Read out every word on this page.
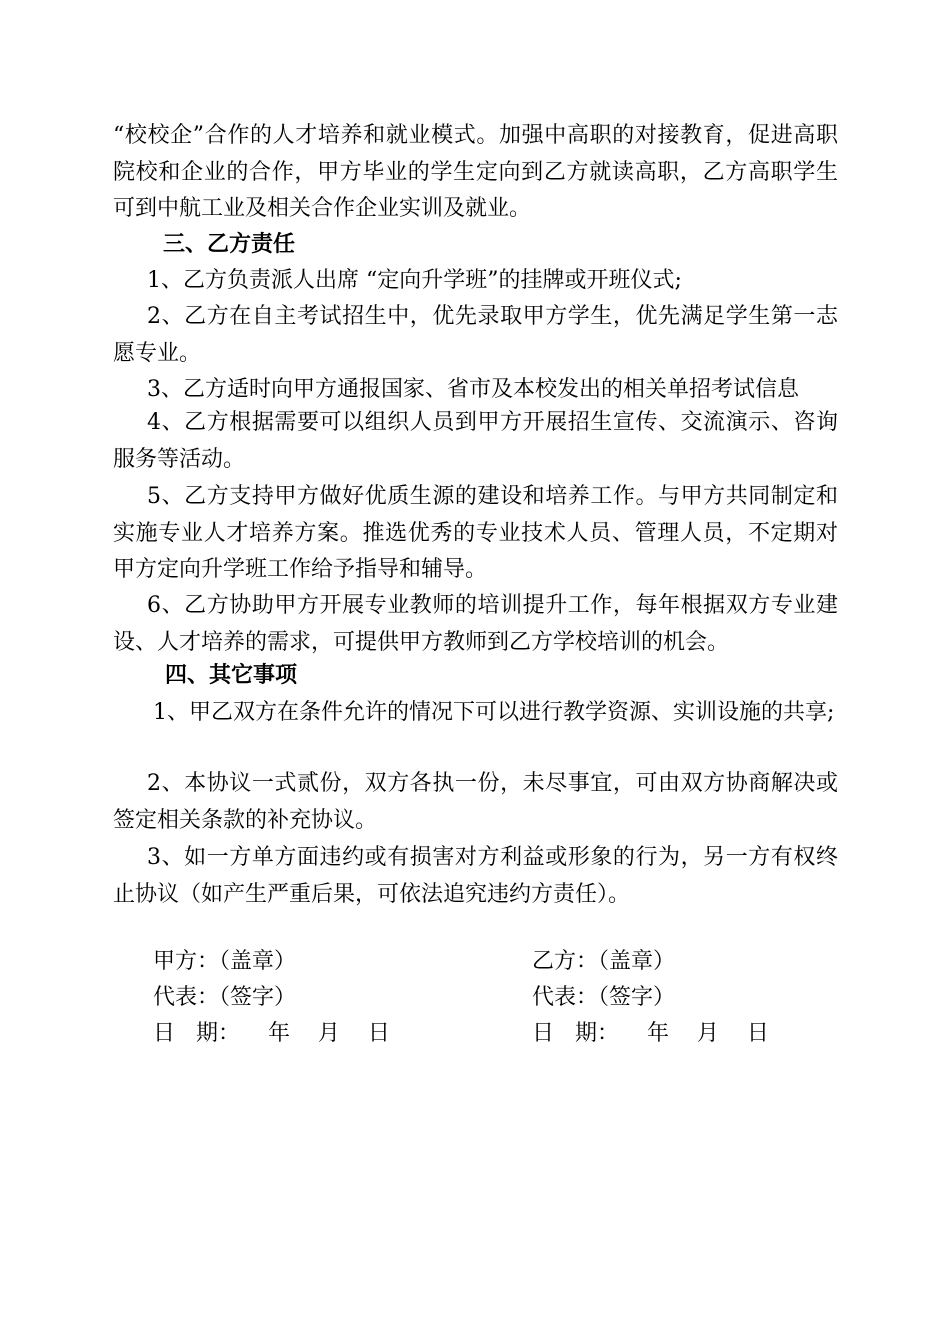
“校校企”合作的人才培养和就业模式。加强中高职的对接教育，促进高职院校和企业的合作，甲方毕业的学生定向到乙方就读高职，乙方高职学生可到中航工业及相关合作企业实训及就业。

三、乙方责任

1、乙方负责派人出席 “定向升学班”的挂牌或开班仪式;

2、乙方在自主考试招生中，优先录取甲方学生，优先满足学生第一志愿专业。

3、乙方适时向甲方通报国家、省市及本校发出的相关单招考试信息

4、乙方根据需要可以组织人员到甲方开展招生宣传、交流演示、咨询服务等活动。

5、乙方支持甲方做好优质生源的建设和培养工作。与甲方共同制定和实施专业人才培养方案。推选优秀的专业技术人员、管理人员，不定期对甲方定向升学班工作给予指导和辅导。

6、乙方协助甲方开展专业教师的培训提升工作，每年根据双方专业建设、人才培养的需求，可提供甲方教师到乙方学校培训的机会。

四、其它事项

1、甲乙双方在条件允许的情况下可以进行教学资源、实训设施的共享;

2、本协议一式贰份，双方各执一份，未尽事宜，可由双方协商解决或签定相关条款的补充协议。

3、如一方单方面违约或有损害对方利益或形象的行为，另一方有权终止协议（如产生严重后果，可依法追究违约方责任）。

甲方：（盖章）

代表：（签字）

日   期：    年    月    日

乙方：（盖章）

代表：（签字）

日   期：    年    月    日
